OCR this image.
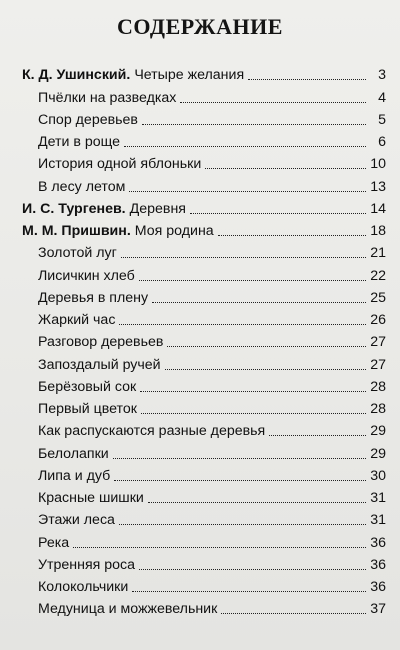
СОДЕРЖАНИЕ
К. Д. Ушинский. Четыре желания	3
Пчёлки на разведках	4
Спор деревьев	5
Дети в роще	6
История одной яблоньки	10
В лесу летом	13
И. С. Тургенев. Деревня	14
М. М. Пришвин. Моя родина	18
Золотой луг	21
Лисичкин хлеб	22
Деревья в плену	25
Жаркий час	26
Разговор деревьев	27
Запоздалый ручей	27
Берёзовый сок	28
Первый цветок	28
Как распускаются разные деревья	29
Белолапки	29
Липа и дуб	30
Красные шишки	31
Этажи леса	31
Река	36
Утренняя роса	36
Колокольчики	36
Медуница и можжевельник	37
